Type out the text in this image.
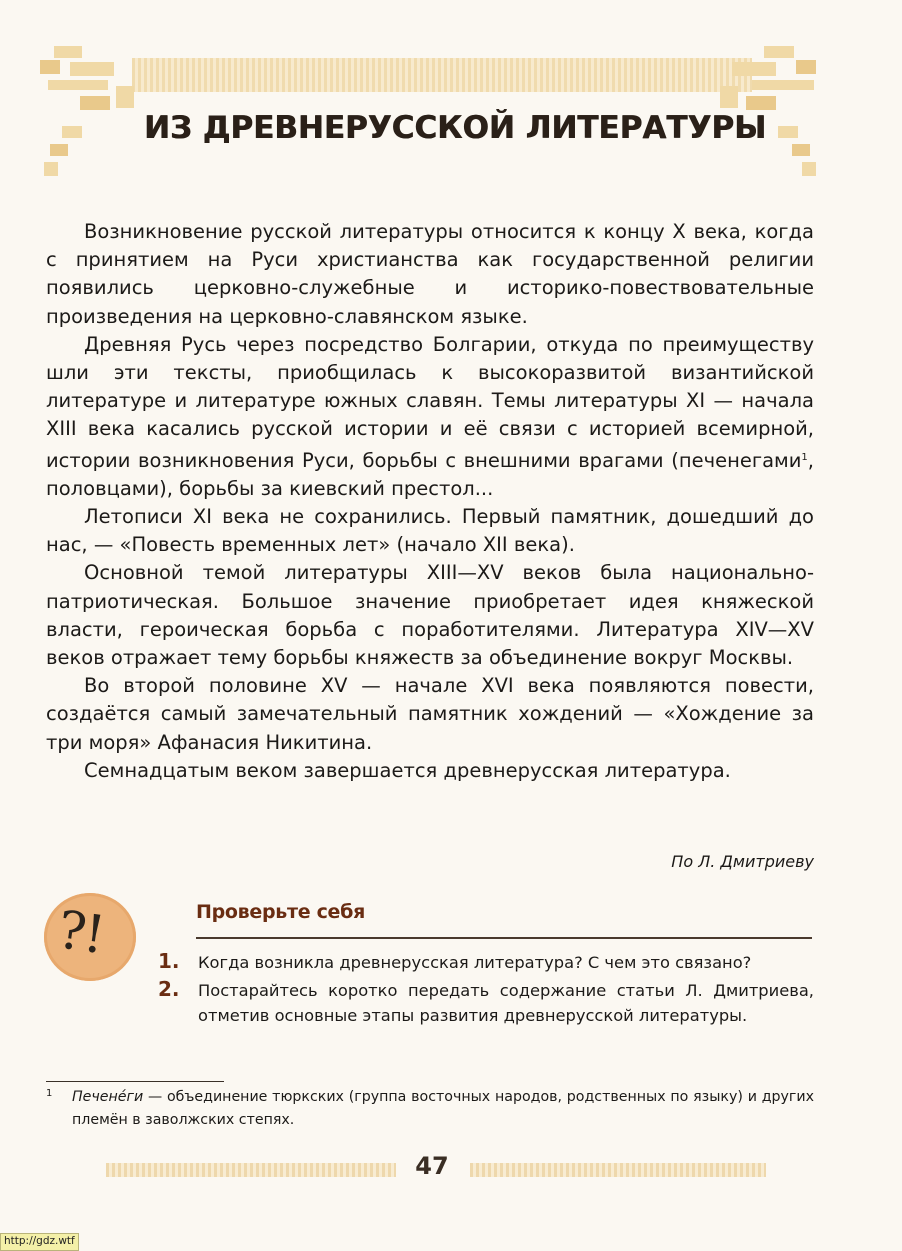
ИЗ ДРЕВНЕРУССКОЙ ЛИТЕРАТУРЫ

Возникновение русской литературы относится к концу X века, когда с принятием на Руси христианства как государственной религии появились церковно-служебные и историко-повествовательные произведения на церковно-славянском языке.

Древняя Русь через посредство Болгарии, откуда по преимуществу шли эти тексты, приобщилась к высокоразвитой византийской литературе и литературе южных славян. Темы литературы XI — начала XIII века касались русской истории и её связи с историей всемирной, истории возникновения Руси, борьбы с внешними врагами (печенегами$^1$, половцами), борьбы за киевский престол...

Летописи XI века не сохранились. Первый памятник, дошедший до нас, — «Повесть временных лет» (начало XII века).

Основной темой литературы XIII—XV веков была национально-патриотическая. Большое значение приобретает идея княжеской власти, героическая борьба с поработителями. Литература XIV—XV веков отражает тему борьбы княжеств за объединение вокруг Москвы.

Во второй половине XV — начале XVI века появляются повести, создаётся самый замечательный памятник хождений — «Хождение за три моря» Афанасия Никитина.

Семнадцатым веком завершается древнерусская литература.

По Л. Дмитриеву
?!	Проверьте себя
1. Когда возникла древнерусская литература? С чем это связано?

2. Постарайтесь коротко передать содержание статьи Л. Дмитриева, отметив основные этапы развития древнерусской литературы.

1	Печенéги — объединение тюркских (группа восточных народов, родственных по языку) и других племён в заволжских степях.

47
http://gdz.wtf
